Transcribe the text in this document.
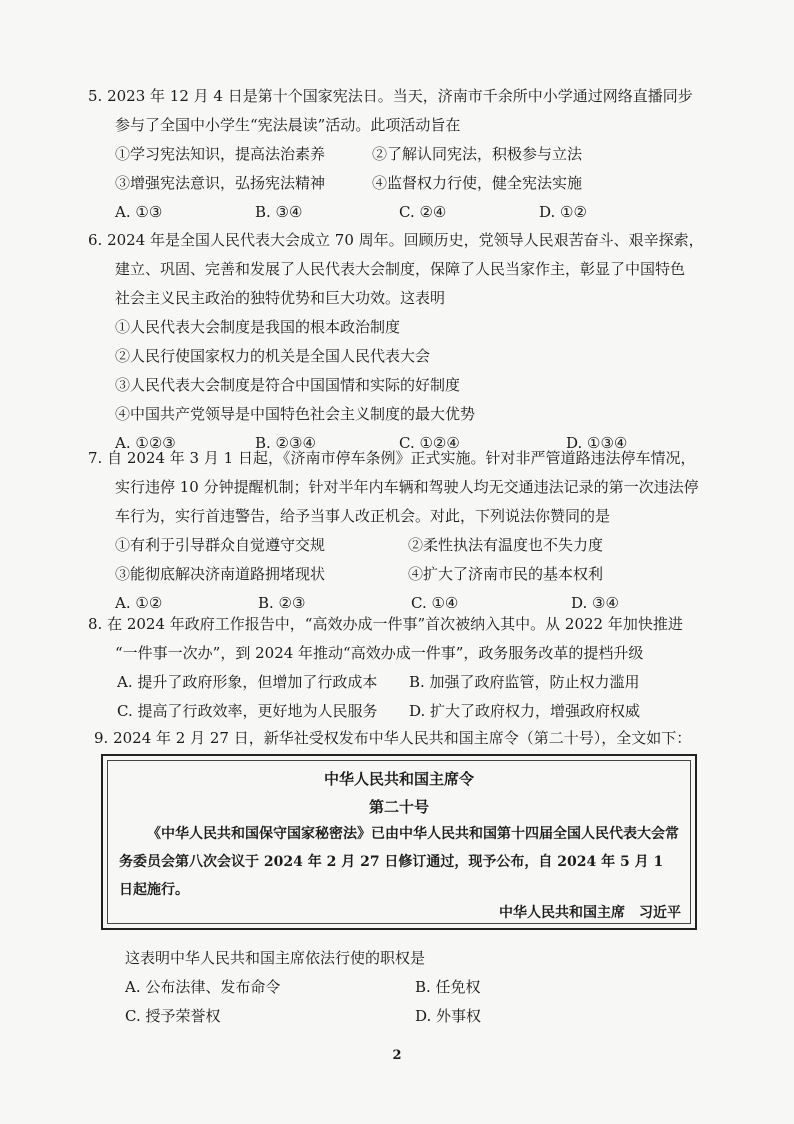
5. 2023 年 12 月 4 日是第十个国家宪法日。当天，济南市千余所中小学通过网络直播同步
参与了全国中小学生“宪法晨读”活动。此项活动旨在
①学习宪法知识，提高法治素养	②了解认同宪法，积极参与立法
③增强宪法意识，弘扬宪法精神	④监督权力行使，健全宪法实施
A. ①③	B. ③④	C. ②④	D. ①②
6. 2024 年是全国人民代表大会成立 70 周年。回顾历史，党领导人民艰苦奋斗、艰辛探索，
建立、巩固、完善和发展了人民代表大会制度，保障了人民当家作主，彰显了中国特色
社会主义民主政治的独特优势和巨大功效。这表明
①人民代表大会制度是我国的根本政治制度
②人民行使国家权力的机关是全国人民代表大会
③人民代表大会制度是符合中国国情和实际的好制度
④中国共产党领导是中国特色社会主义制度的最大优势
A. ①②③	B. ②③④	C. ①②④	D. ①③④
7. 自 2024 年 3 月 1 日起，《济南市停车条例》正式实施。针对非严管道路违法停车情况，
实行违停 10 分钟提醒机制；针对半年内车辆和驾驶人均无交通违法记录的第一次违法停
车行为，实行首违警告，给予当事人改正机会。对此，下列说法你赞同的是
①有利于引导群众自觉遵守交规	②柔性执法有温度也不失力度
③能彻底解决济南道路拥堵现状	④扩大了济南市民的基本权利
A. ①②	B. ②③	C. ①④	D. ③④
8. 在 2024 年政府工作报告中，“高效办成一件事”首次被纳入其中。从 2022 年加快推进
“一件事一次办”，到 2024 年推动“高效办成一件事”，政务服务改革的提档升级
A. 提升了政府形象，但增加了行政成本 B. 加强了政府监管，防止权力滥用
C. 提高了行政效率，更好地为人民服务 D. 扩大了政府权力，增强政府权威
9. 2024 年 2 月 27 日，新华社受权发布中华人民共和国主席令（第二十号），全文如下：
中华人民共和国主席令
第二十号
《中华人民共和国保守国家秘密法》已由中华人民共和国第十四届全国人民代表大会常务委员会第八次会议于 2024 年 2 月 27 日修订通过，现予公布，自 2024 年 5 月 1 日起施行。
中华人民共和国主席　习近平
这表明中华人民共和国主席依法行使的职权是
A. 公布法律、发布命令	B. 任免权
C. 授予荣誉权	D. 外事权
2
